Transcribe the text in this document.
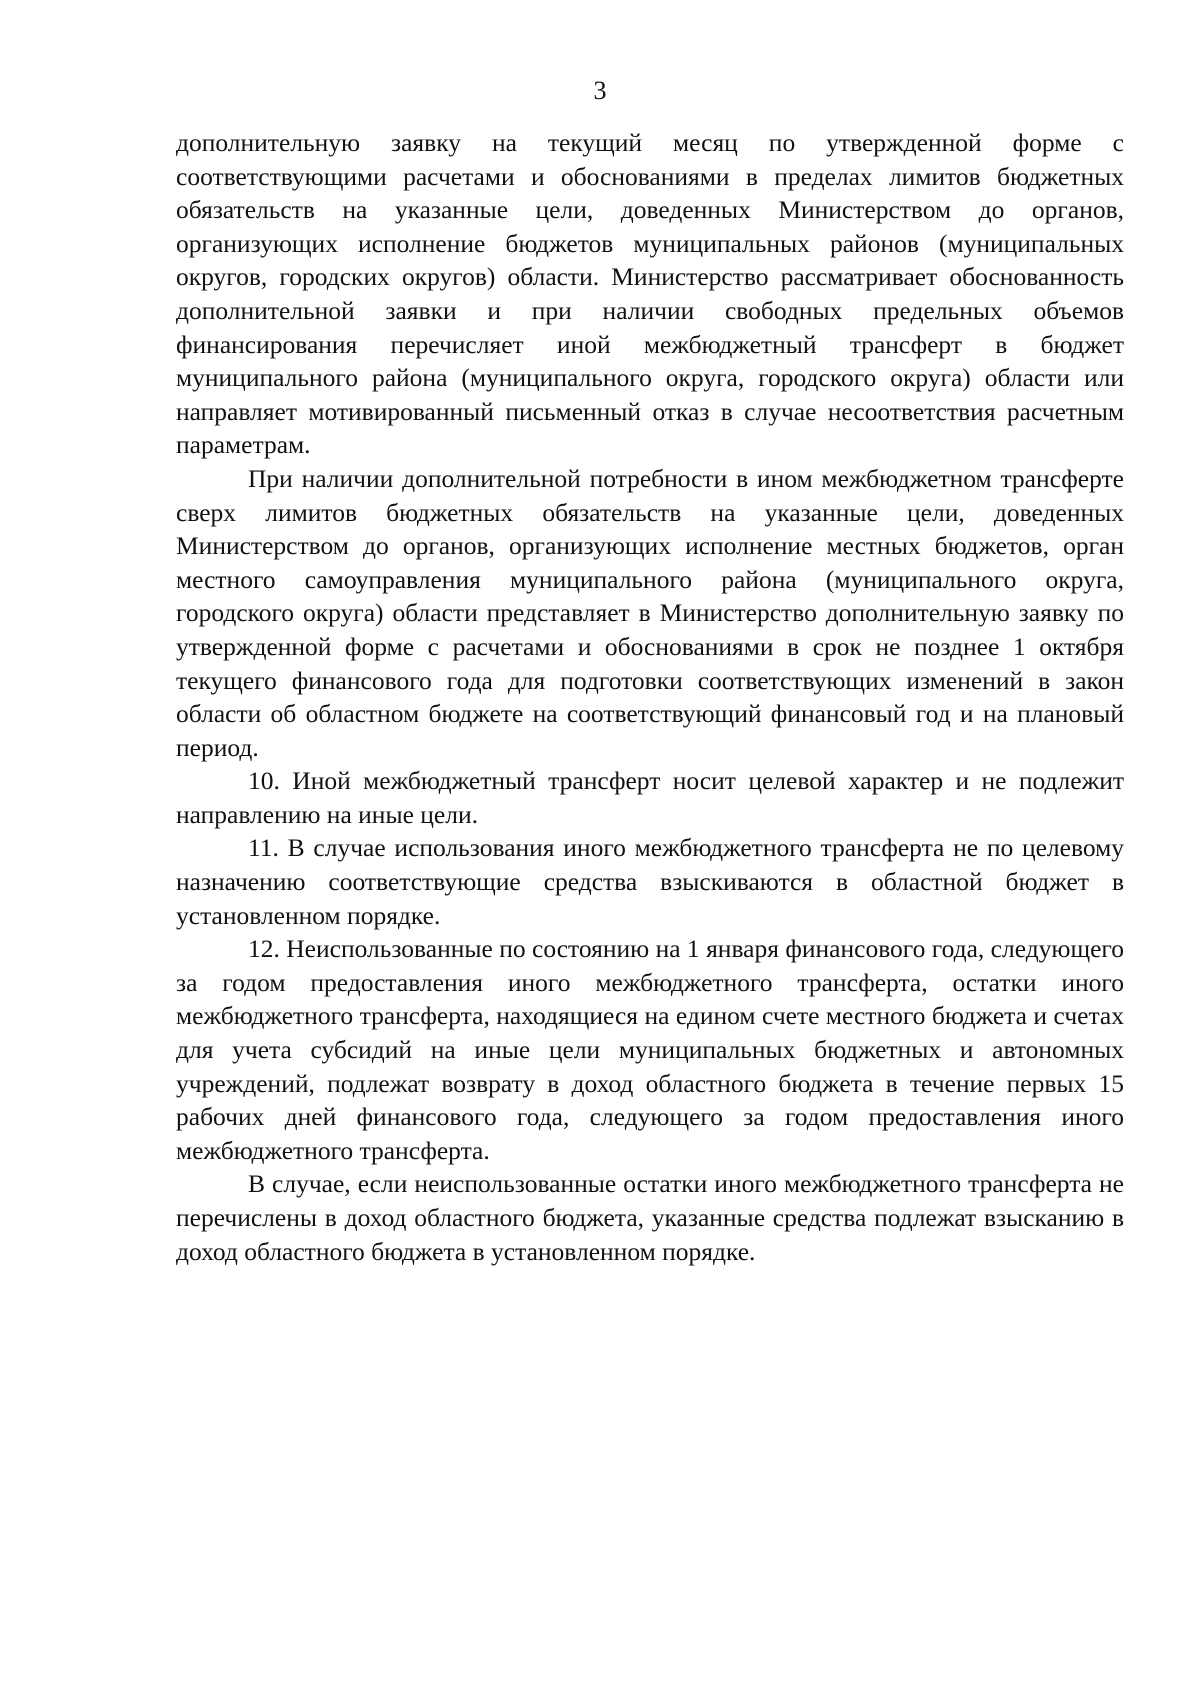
3

дополнительную заявку на текущий месяц по утвержденной форме с соответствующими расчетами и обоснованиями в пределах лимитов бюджетных обязательств на указанные цели, доведенных Министерством до органов, организующих исполнение бюджетов муниципальных районов (муниципальных округов, городских округов) области. Министерство рассматривает обоснованность дополнительной заявки и при наличии свободных предельных объемов финансирования перечисляет иной межбюджетный трансферт в бюджет муниципального района (муниципального округа, городского округа) области или направляет мотивированный письменный отказ в случае несоответствия расчетным параметрам.

При наличии дополнительной потребности в ином межбюджетном трансферте сверх лимитов бюджетных обязательств на указанные цели, доведенных Министерством до органов, организующих исполнение местных бюджетов, орган местного самоуправления муниципального района (муниципального округа, городского округа) области представляет в Министерство дополнительную заявку по утвержденной форме с расчетами и обоснованиями в срок не позднее 1 октября текущего финансового года для подготовки соответствующих изменений в закон области об областном бюджете на соответствующий финансовый год и на плановый период.

10. Иной межбюджетный трансферт носит целевой характер и не подлежит направлению на иные цели.

11. В случае использования иного межбюджетного трансферта не по целевому назначению соответствующие средства взыскиваются в областной бюджет в установленном порядке.

12. Неиспользованные по состоянию на 1 января финансового года, следующего за годом предоставления иного межбюджетного трансферта, остатки иного межбюджетного трансферта, находящиеся на едином счете местного бюджета и счетах для учета субсидий на иные цели муниципальных бюджетных и автономных учреждений, подлежат возврату в доход областного бюджета в течение первых 15 рабочих дней финансового года, следующего за годом предоставления иного межбюджетного трансферта.

В случае, если неиспользованные остатки иного межбюджетного трансферта не перечислены в доход областного бюджета, указанные средства подлежат взысканию в доход областного бюджета в установленном порядке.
